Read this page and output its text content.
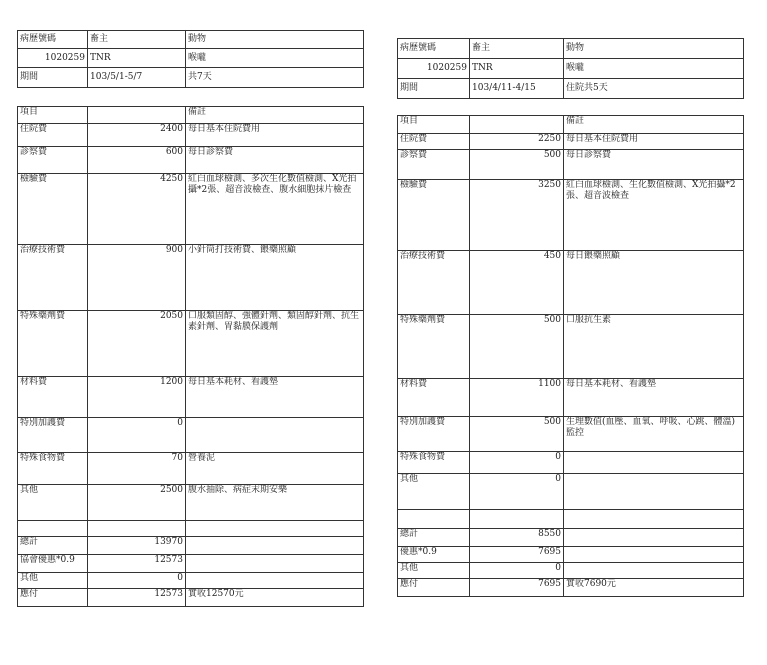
病歷號碼	畜主	動物
1020259	TNR	喉嚨
期間	103/5/1-5/7	共7天
項目		備註
住院費	2400	每日基本住院費用
診察費	600	每日診察費
檢驗費	4250	紅白血球檢測、多次生化數值檢測、X光拍攝*2張、超音波檢查、腹水細胞抹片檢查
治療技術費	900	小針筒打技術費、餵藥照顧
特殊藥劑費	2050	口服類固醇、強體針劑、類固醇針劑、抗生素針劑、胃黏膜保護劑
材料費	1200	每日基本耗材、看護墊
特別加護費	0	
特殊食物費	70	營養泥
其他	2500	腹水抽除、病症末期安樂

總計	13970	
協會優惠*0.9	12573	
其他	0	
應付	12573	實收12570元
病歷號碼	畜主	動物
1020259	TNR	喉嚨
期間	103/4/11-4/15	住院共5天
項目		備註
住院費	2250	每日基本住院費用
診察費	500	每日診察費
檢驗費	3250	紅白血球檢測、生化數值檢測、X光拍攝*2張、超音波檢查
治療技術費	450	每日餵藥照顧
特殊藥劑費	500	口服抗生素
材料費	1100	每日基本耗材、看護墊
特別加護費	500	生理數值(血壓、血氧、呼吸、心跳、體溫)監控
特殊食物費	0	
其他	0	

總計	8550	
優惠*0.9	7695	
其他	0	
應付	7695	實收7690元
